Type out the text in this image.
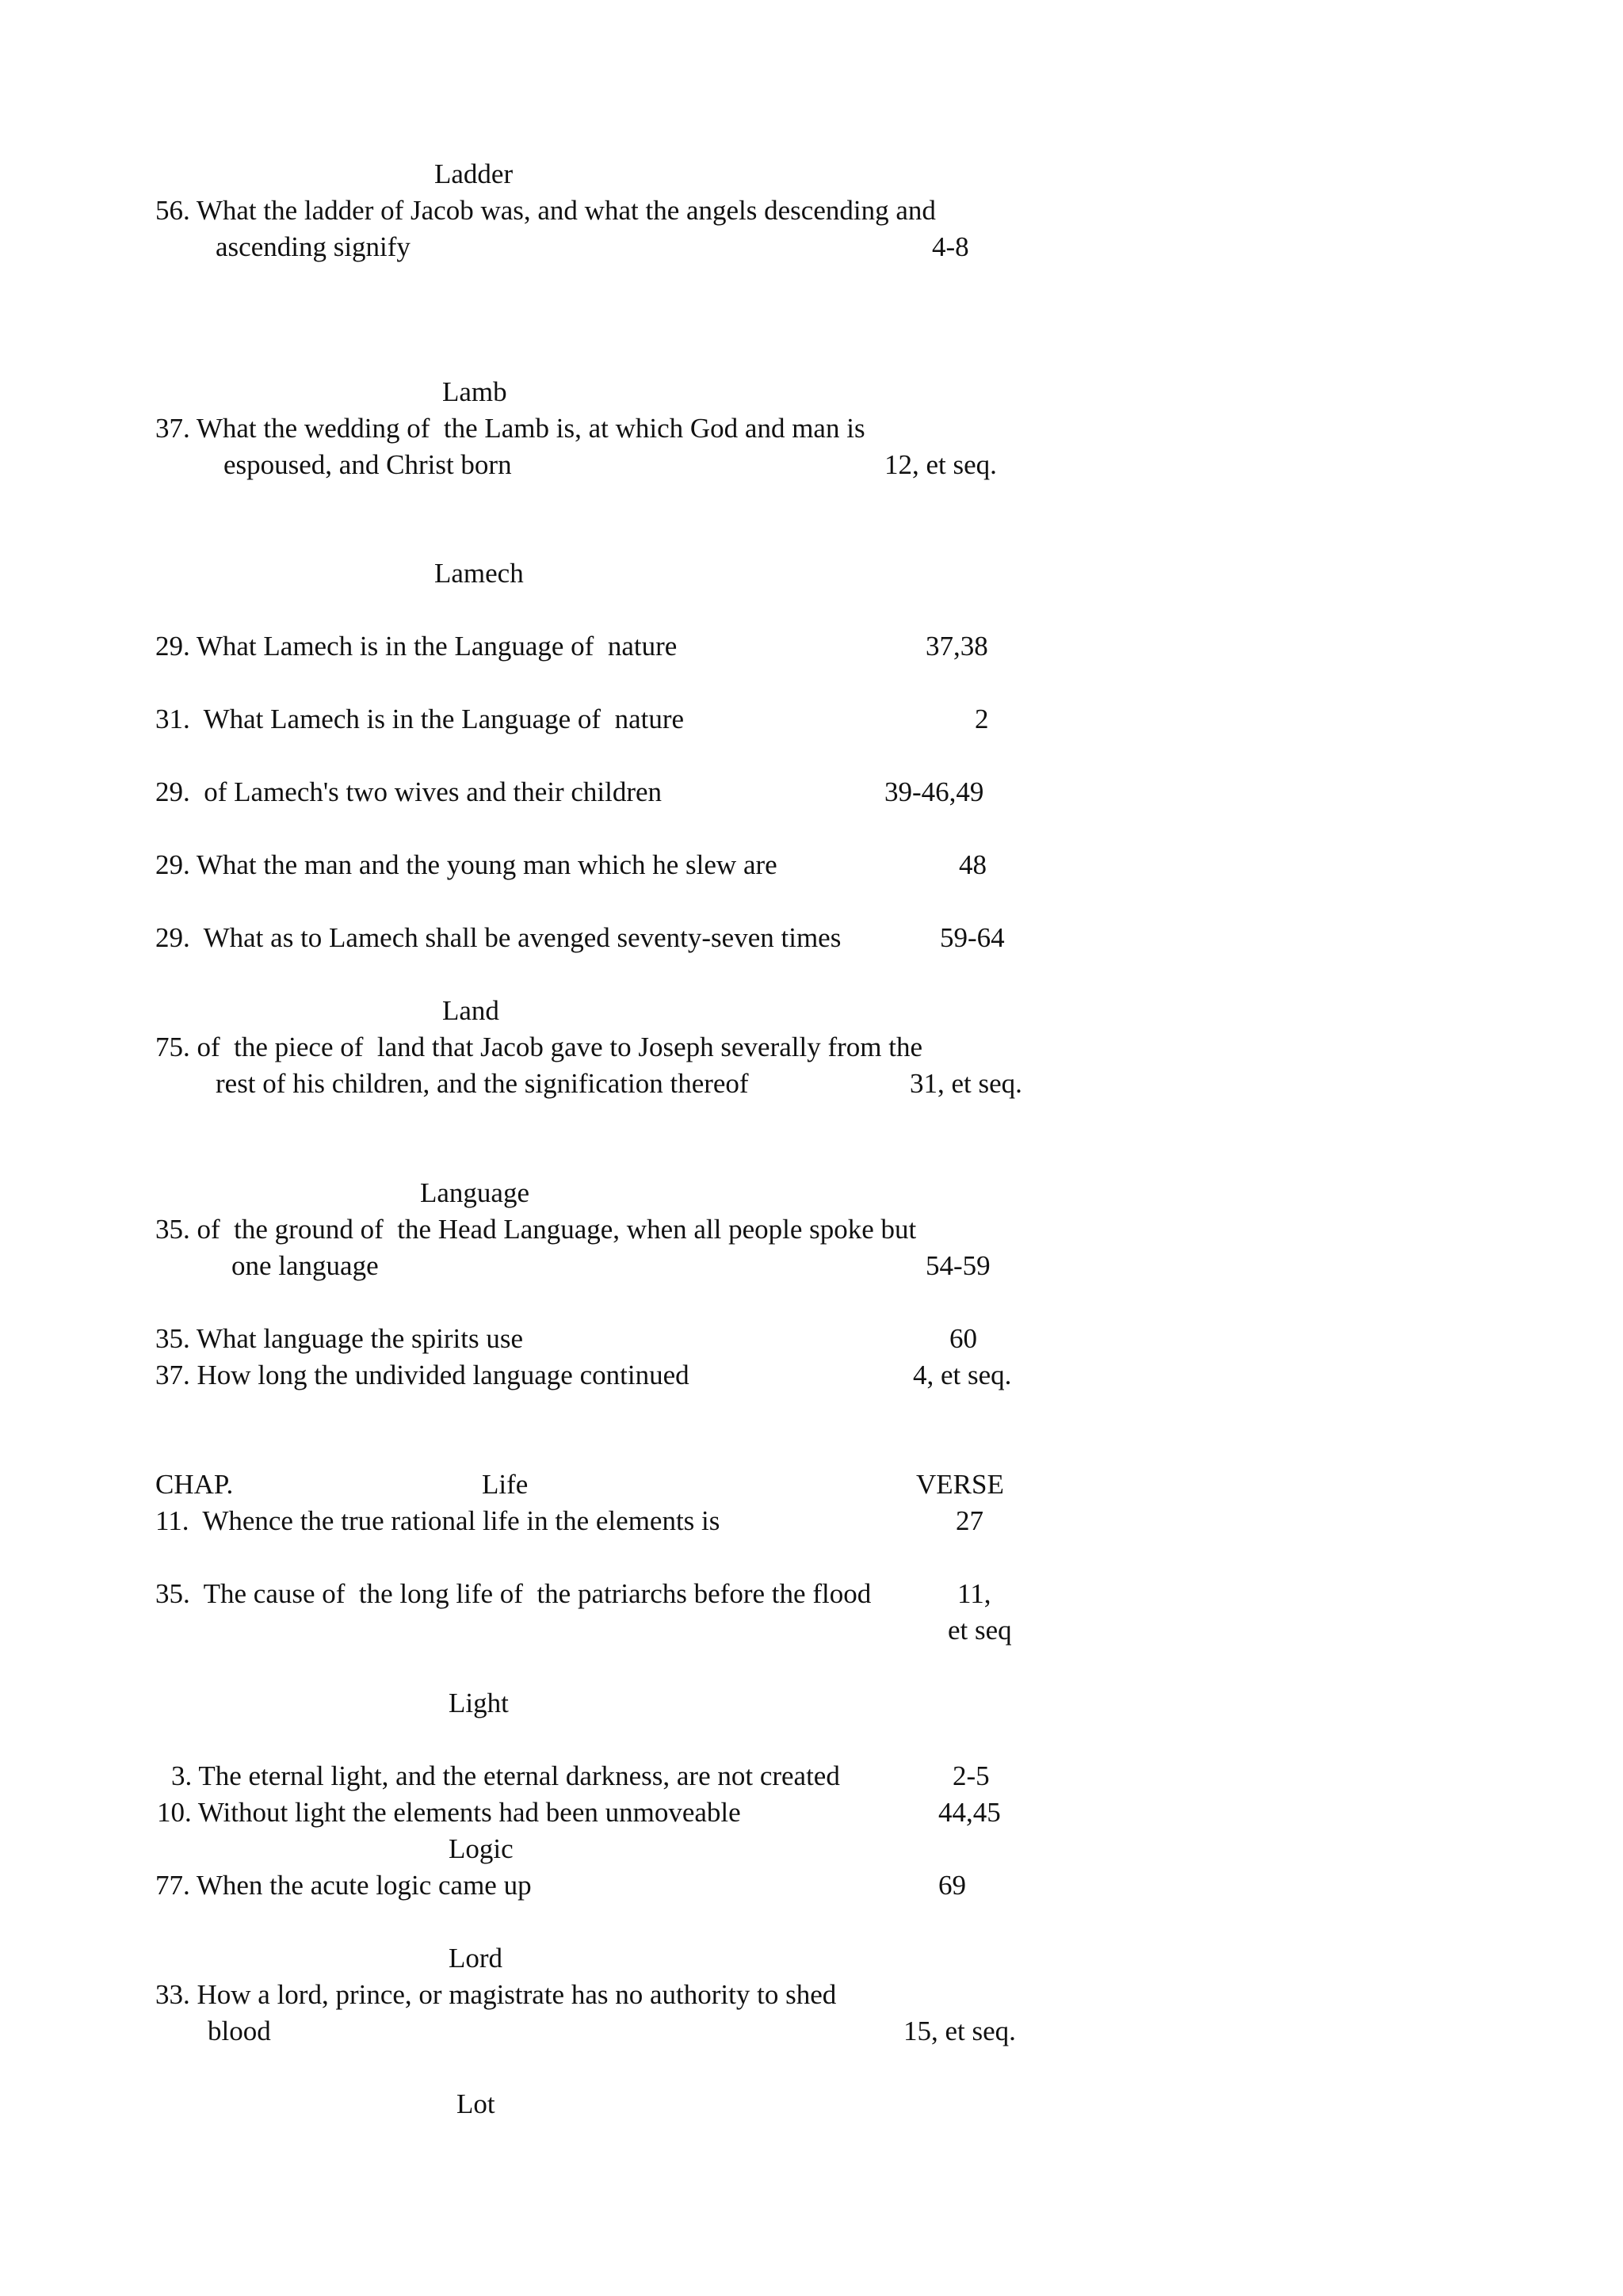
Ladder
56. What the ladder of Jacob was, and what the angels descending and
ascending signify	4-8
Lamb
37. What the wedding of  the Lamb is, at which God and man is
espoused, and Christ born	12, et seq.
Lamech
29. What Lamech is in the Language of  nature	37,38
31.  What Lamech is in the Language of  nature	2
29.  of Lamech's two wives and their children	39-46,49
29. What the man and the young man which he slew are	48
29.  What as to Lamech shall be avenged seventy-seven times	59-64
Land
75. of  the piece of  land that Jacob gave to Joseph severally from the
rest of his children, and the signification thereof	31, et seq.
Language
35. of  the ground of  the Head Language, when all people spoke but
one language	54-59
35. What language the spirits use	60
37. How long the undivided language continued	4, et seq.
CHAP.	Life	VERSE
11.  Whence the true rational life in the elements is	27
35.  The cause of  the long life of  the patriarchs before the flood	11,
et seq
Light
3. The eternal light, and the eternal darkness, are not created	2-5
10. Without light the elements had been unmoveable	44,45
Logic
77. When the acute logic came up	69
Lord
33. How a lord, prince, or magistrate has no authority to shed
blood	15, et seq.
Lot
